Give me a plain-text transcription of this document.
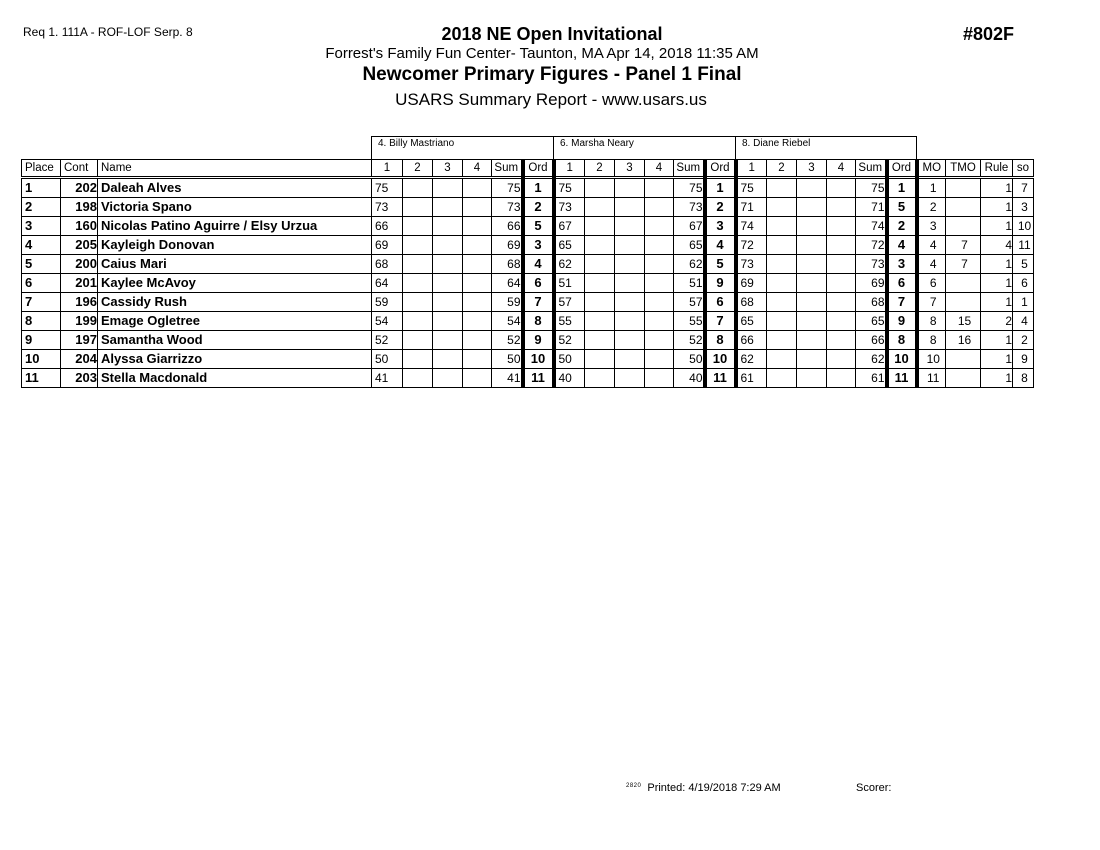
Req 1. 111A - ROF-LOF Serp. 8	2018 NE Open Invitational
Forrest's Family Fun Center- Taunton, MA Apr 14, 2018 11:35 AM
Newcomer Primary Figures - Panel 1 Final
USARS Summary Report - www.usars.us
#802F
4. Billy Mastriano	6. Marsha Neary	8. Diane Riebel
Place	Cont	Name	1	2	3	4	Sum	Ord	1	2	3	4	Sum	Ord	1	2	3	4	Sum	Ord	MO	TMO	Rule	so
1	202	Daleah Alves	75				75	1	75				75	1	75				75	1	1		1	7
2	198	Victoria Spano	73				73	2	73				73	2	71				71	5	2		1	3
3	160	Nicolas Patino Aguirre / Elsy Urzua	66				66	5	67				67	3	74				74	2	3		1	10
4	205	Kayleigh Donovan	69				69	3	65				65	4	72				72	4	4	7	4	11
5	200	Caius Mari	68				68	4	62				62	5	73				73	3	4	7	1	5
6	201	Kaylee McAvoy	64				64	6	51				51	9	69				69	6	6		1	6
7	196	Cassidy Rush	59				59	7	57				57	6	68				68	7	7		1	1
8	199	Emage Ogletree	54				54	8	55				55	7	65				65	9	8	15	2	4
9	197	Samantha Wood	52				52	9	52				52	8	66				66	8	8	16	1	2
10	204	Alyssa Giarrizzo	50				50	10	50				50	10	62				62	10	10		1	9
11	203	Stella Macdonald	41				41	11	40				40	11	61				61	11	11		1	8
$^{2820}$ Printed: 4/19/2018 7:29 AM	Scorer:
